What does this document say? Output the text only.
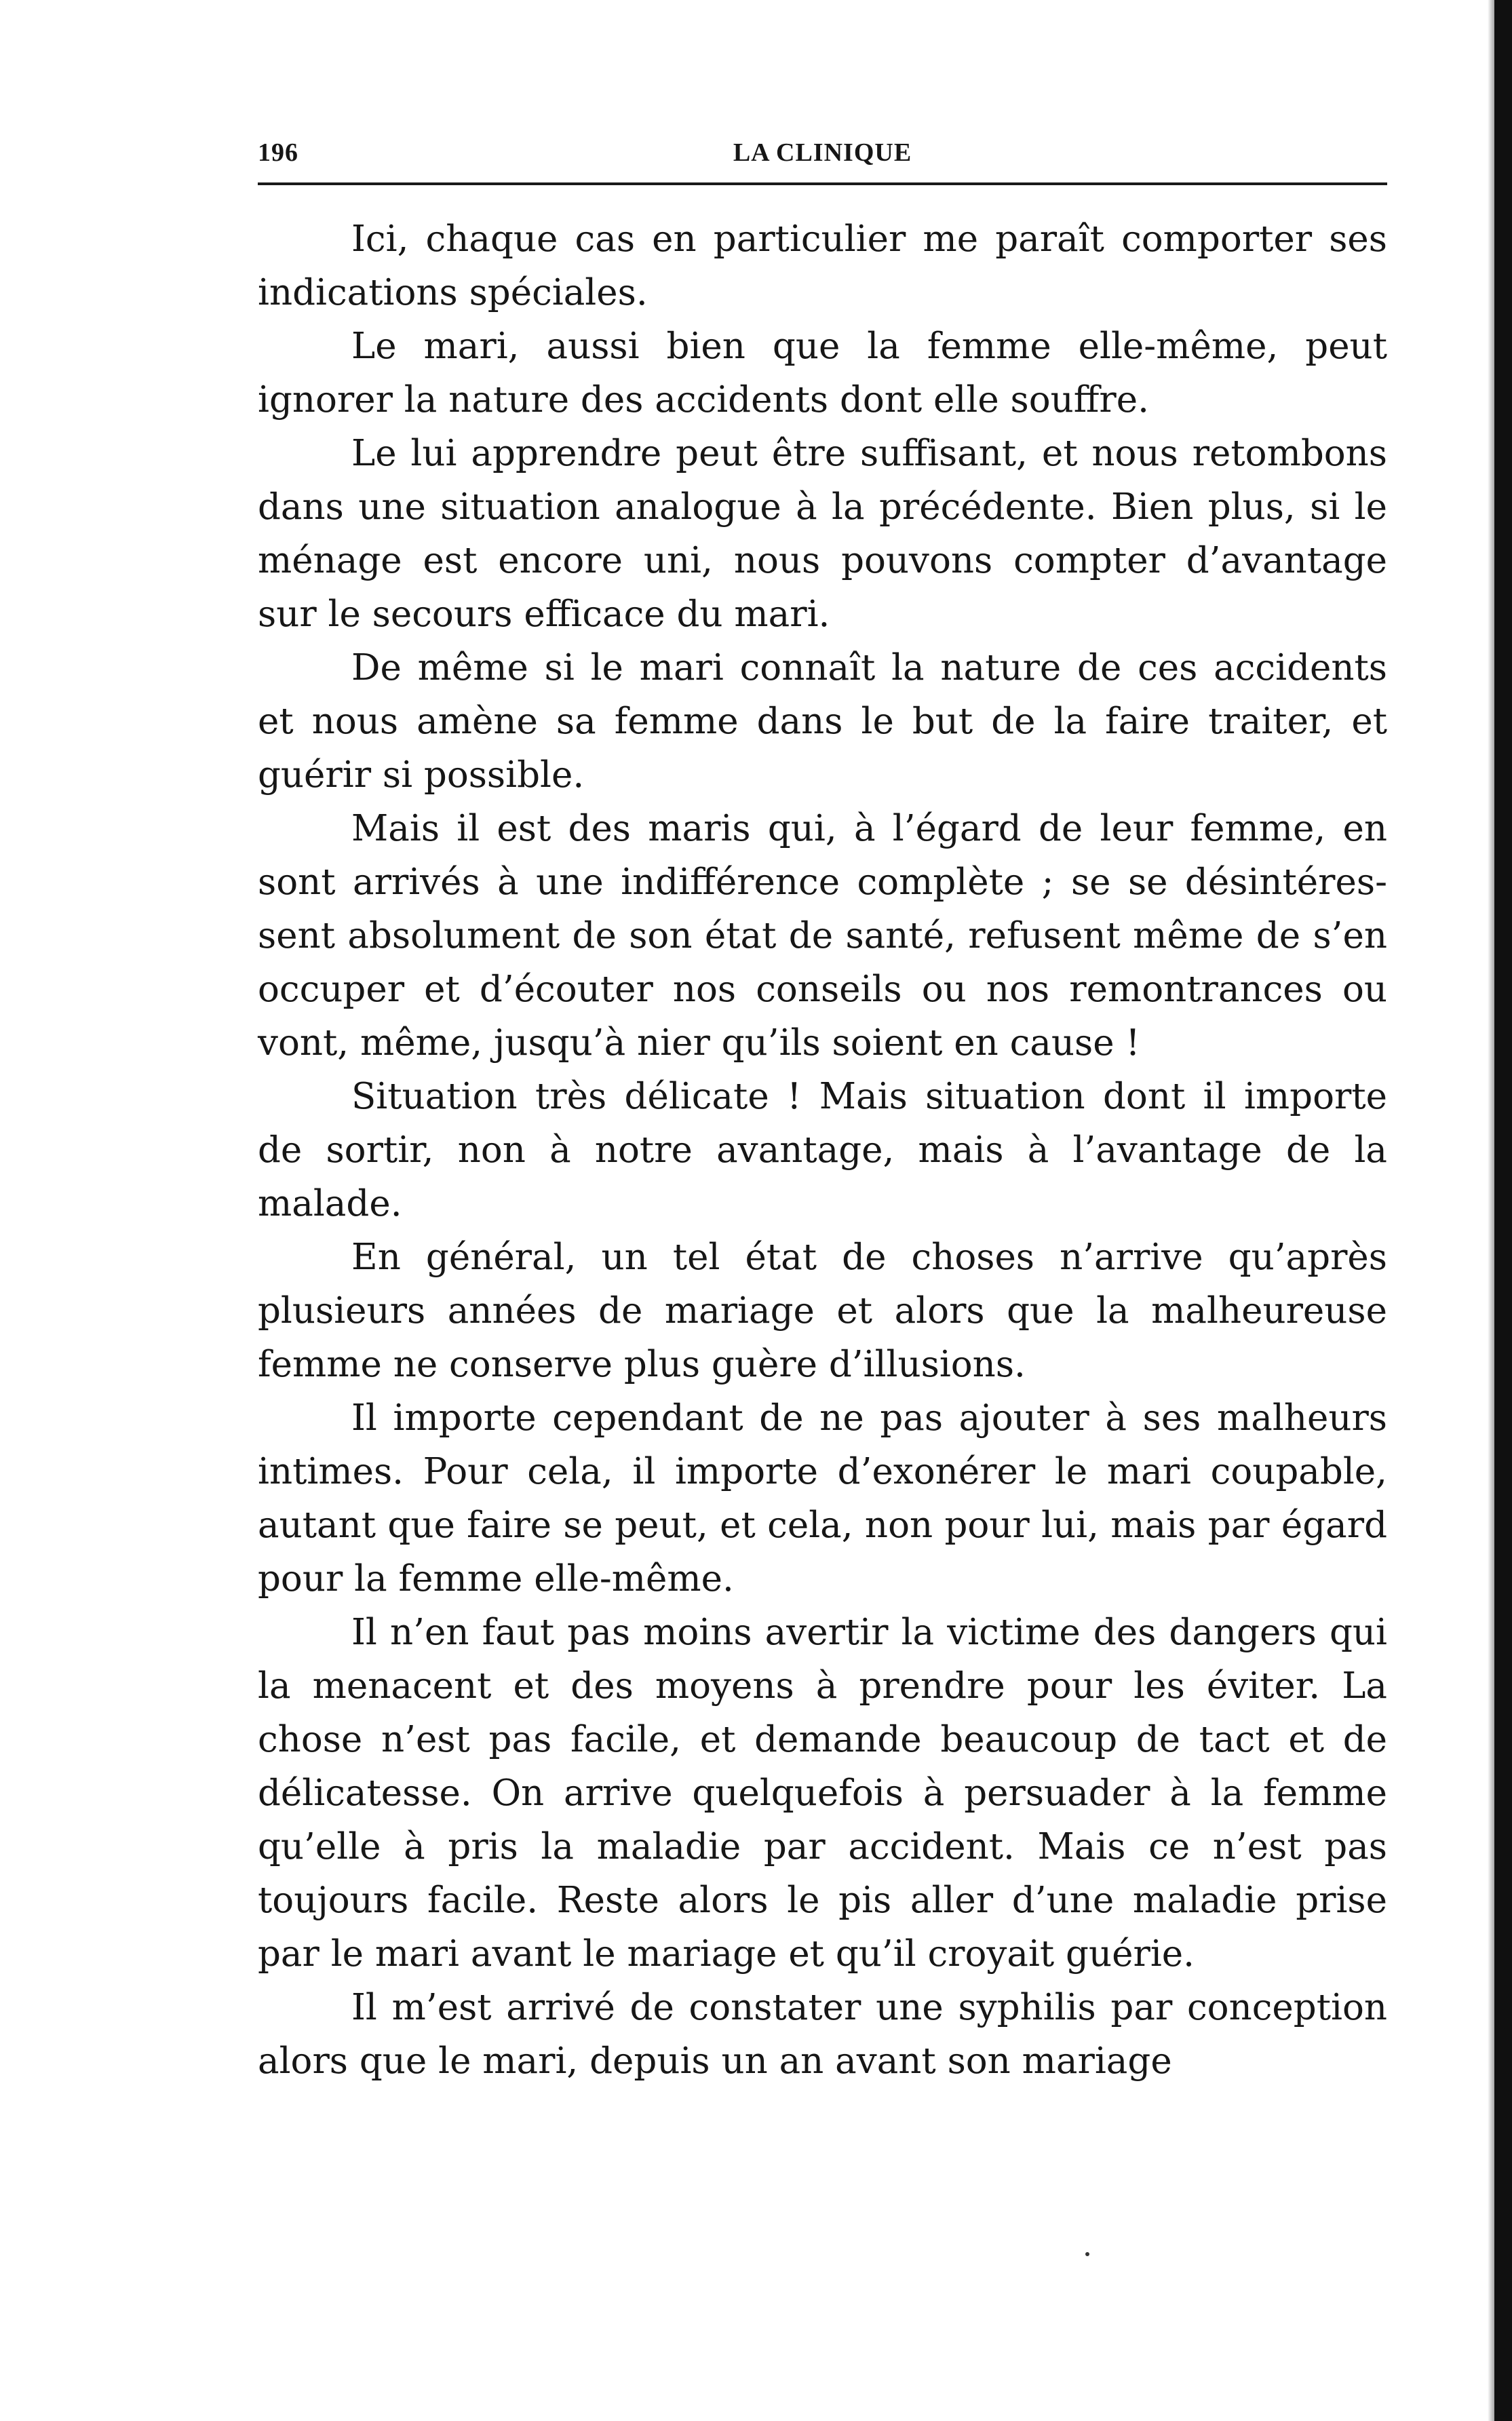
196	LA CLINIQUE

Ici, chaque cas en particulier me paraît comporter ses indications spéciales.

Le mari, aussi bien que la femme elle-même, peut ignorer la nature des accidents dont elle souffre.

Le lui apprendre peut être suffisant, et nous retombons dans une situation analogue à la précédente. Bien plus, si le ménage est encore uni, nous pouvons compter d’avantage sur le secours efficace du mari.

De même si le mari connaît la nature de ces accidents et nous amène sa femme dans le but de la faire traiter, et guérir si possible.

Mais il est des maris qui, à l’égard de leur femme, en sont arrivés à une indifférence complète ; se se désintéressent absolument de son état de santé, refusent même de s’en occuper et d’écouter nos conseils ou nos remontrances ou vont, même, jusqu’à nier qu’ils soient en cause !

Situation très délicate ! Mais situation dont il importe de sortir, non à notre avantage, mais à l’avantage de la malade.

En général, un tel état de choses n’arrive qu’après plusieurs années de mariage et alors que la malheureuse femme ne conserve plus guère d’illusions.

Il importe cependant de ne pas ajouter à ses malheurs intimes. Pour cela, il importe d’exonérer le mari coupable, autant que faire se peut, et cela, non pour lui, mais par égard pour la femme elle-même.

Il n’en faut pas moins avertir la victime des dangers qui la menacent et des moyens à prendre pour les éviter. La chose n’est pas facile, et demande beaucoup de tact et de délicatesse. On arrive quelquefois à persuader à la femme qu’elle à pris la maladie par accident. Mais ce n’est pas toujours facile. Reste alors le pis aller d’une maladie prise par le mari avant le mariage et qu’il croyait guérie.

Il m’est arrivé de constater une syphilis par conception alors que le mari, depuis un an avant son mariage
